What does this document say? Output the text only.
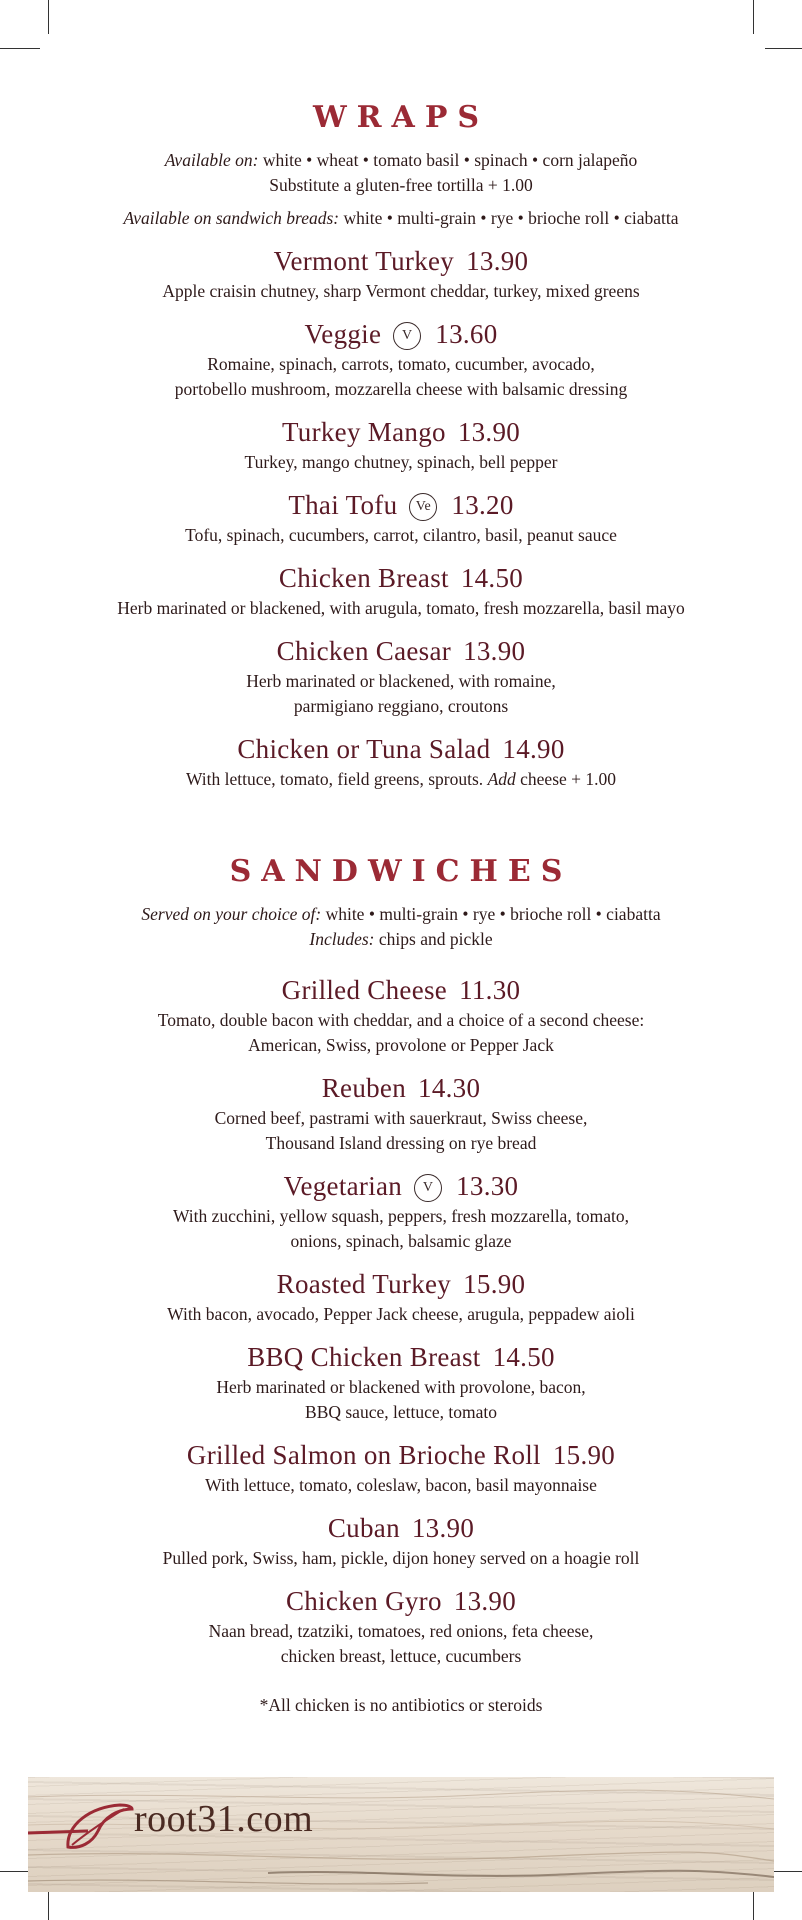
WRAPS
Available on: white • wheat • tomato basil • spinach • corn jalapeño
Substitute a gluten-free tortilla + 1.00
Available on sandwich breads: white • multi-grain • rye • brioche roll • ciabatta
Vermont Turkey 13.90
Apple craisin chutney, sharp Vermont cheddar, turkey, mixed greens
Veggie V 13.60
Romaine, spinach, carrots, tomato, cucumber, avocado,
portobello mushroom, mozzarella cheese with balsamic dressing
Turkey Mango 13.90
Turkey, mango chutney, spinach, bell pepper
Thai Tofu Ve 13.20
Tofu, spinach, cucumbers, carrot, cilantro, basil, peanut sauce
Chicken Breast 14.50
Herb marinated or blackened, with arugula, tomato, fresh mozzarella, basil mayo
Chicken Caesar 13.90
Herb marinated or blackened, with romaine,
parmigiano reggiano, croutons
Chicken or Tuna Salad 14.90
With lettuce, tomato, field greens, sprouts. Add cheese + 1.00
SANDWICHES
Served on your choice of: white • multi-grain • rye • brioche roll • ciabatta
Includes: chips and pickle
Grilled Cheese 11.30
Tomato, double bacon with cheddar, and a choice of a second cheese:
American, Swiss, provolone or Pepper Jack
Reuben 14.30
Corned beef, pastrami with sauerkraut, Swiss cheese,
Thousand Island dressing on rye bread
Vegetarian V 13.30
With zucchini, yellow squash, peppers, fresh mozzarella, tomato,
onions, spinach, balsamic glaze
Roasted Turkey 15.90
With bacon, avocado, Pepper Jack cheese, arugula, peppadew aioli
BBQ Chicken Breast 14.50
Herb marinated or blackened with provolone, bacon,
BBQ sauce, lettuce, tomato
Grilled Salmon on Brioche Roll 15.90
With lettuce, tomato, coleslaw, bacon, basil mayonnaise
Cuban 13.90
Pulled pork, Swiss, ham, pickle, dijon honey served on a hoagie roll
Chicken Gyro 13.90
Naan bread, tzatziki, tomatoes, red onions, feta cheese,
chicken breast, lettuce, cucumbers
*All chicken is no antibiotics or steroids
root31.com
